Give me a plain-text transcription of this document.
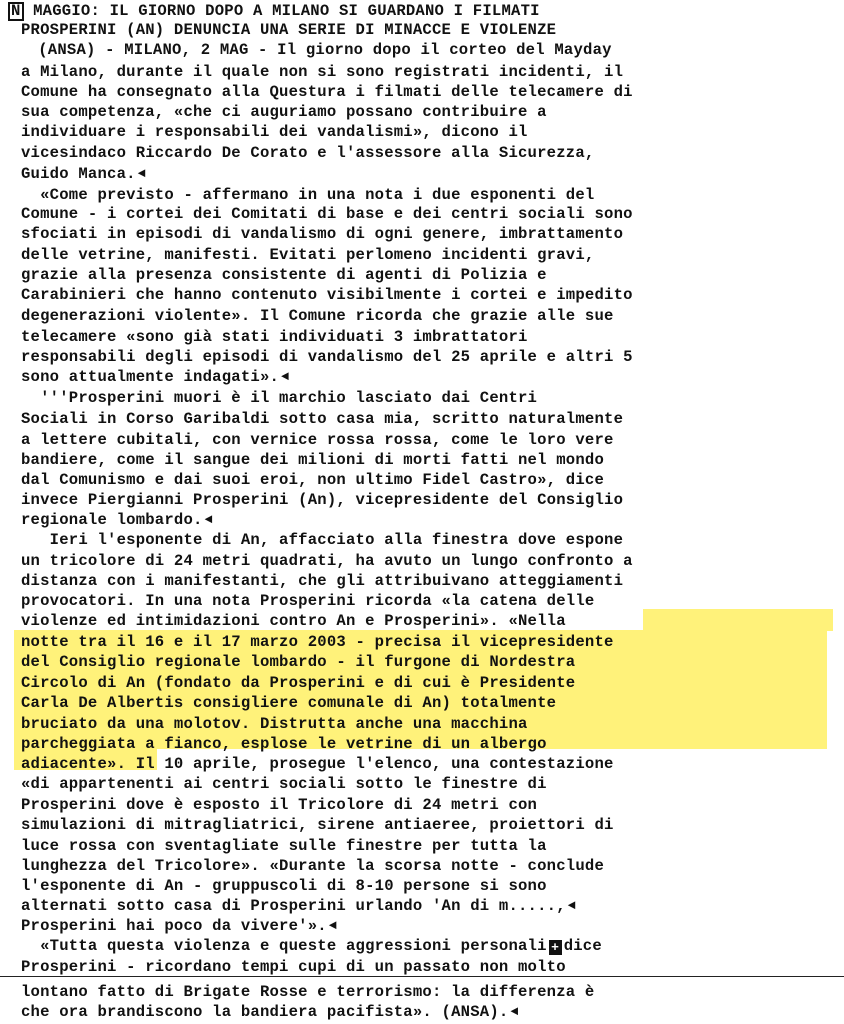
N MAGGIO: IL GIORNO DOPO A MILANO SI GUARDANO I FILMATI
PROSPERINI (AN) DENUNCIA UNA SERIE DI MINACCE E VIOLENZE
(ANSA) - MILANO, 2 MAG - Il giorno dopo il corteo del Mayday
a Milano, durante il quale non si sono registrati incidenti, il
Comune ha consegnato alla Questura i filmati delle telecamere di
sua competenza, «che ci auguriamo possano contribuire a
individuare i responsabili dei vandalismi», dicono il
vicesindaco Riccardo De Corato e l'assessore alla Sicurezza,
Guido Manca. ◄
«Come previsto - affermano in una nota i due esponenti del
Comune - i cortei dei Comitati di base e dei centri sociali sono
sfociati in episodi di vandalismo di ogni genere, imbrattamento
delle vetrine, manifesti. Evitati perlomeno incidenti gravi,
grazie alla presenza consistente di agenti di Polizia e
Carabinieri che hanno contenuto visibilmente i cortei e impedito
degenerazioni violente». Il Comune ricorda che grazie alle sue
telecamere «sono già stati individuati 3 imbrattatori
responsabili degli episodi di vandalismo del 25 aprile e altri 5
sono attualmente indagati». ◄
'''Prosperini muori è il marchio lasciato dai Centri
Sociali in Corso Garibaldi sotto casa mia, scritto naturalmente
a lettere cubitali, con vernice rossa rossa, come le loro vere
bandiere, come il sangue dei milioni di morti fatti nel mondo
dal Comunismo e dai suoi eroi, non ultimo Fidel Castro», dice
invece Piergianni Prosperini (An), vicepresidente del Consiglio
regionale lombardo. ◄
Ieri l'esponente di An, affacciato alla finestra dove espone
un tricolore di 24 metri quadrati, ha avuto un lungo confronto a
distanza con i manifestanti, che gli attribuivano atteggiamenti
provocatori. In una nota Prosperini ricorda «la catena delle
violenze ed intimidazioni contro An e Prosperini». «Nella
notte tra il 16 e il 17 marzo 2003 - precisa il vicepresidente
del Consiglio regionale lombardo - il furgone di Nordestra
Circolo di An (fondato da Prosperini e di cui è Presidente
Carla De Albertis consigliere comunale di An) totalmente
bruciato da una molotov. Distrutta anche una macchina
parcheggiata a fianco, esplose le vetrine di un albergo
adiacente». Il 10 aprile, prosegue l'elenco, una contestazione
«di appartenenti ai centri sociali sotto le finestre di
Prosperini dove è esposto il Tricolore di 24 metri con
simulazioni di mitragliatrici, sirene antiaeree, proiettori di
luce rossa con sventagliate sulle finestre per tutta la
lunghezza del Tricolore». «Durante la scorsa notte - conclude
l'esponente di An - gruppuscoli di 8-10 persone si sono
alternati sotto casa di Prosperini urlando 'An di m....., ◄
Prosperini hai poco da vivere'». ◄
«Tutta questa violenza e queste aggressioni personali + dice
Prosperini - ricordano tempi cupi di un passato non molto
lontano fatto di Brigate Rosse e terrorismo: la differenza è
che ora brandiscono la bandiera pacifista». (ANSA). ◄
